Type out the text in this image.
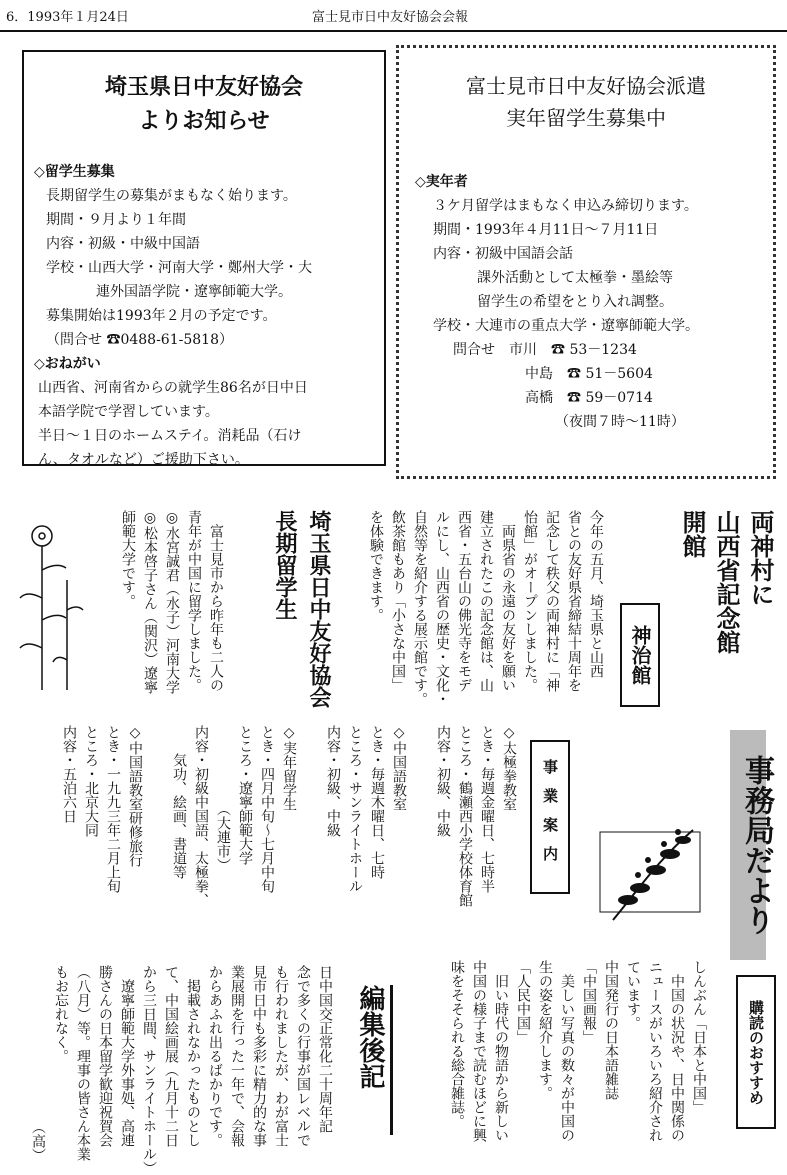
6．1993年１月24日	富士見市日中友好協会会報
埼玉県日中友好協会
よりお知らせ
◇留学生募集
長期留学生の募集がまもなく始ります。
期間・９月より１年間
内容・初級・中級中国語
学校・山西大学・河南大学・鄭州大学・大
連外国語学院・遼寧師範大学。
募集開始は1993年２月の予定です。
（問合せ ☎0488-61-5818）
◇おねがい
山西省、河南省からの就学生86名が日中日
本語学院で学習しています。
半日～１日のホームステイ。消耗品（石け
ん、タオルなど）ご援助下さい。
富士見市日中友好協会派遣
実年留学生募集中
◇実年者
３ケ月留学はまもなく申込み締切ります。
期間・1993年４月11日～７月11日
内容・初級中国語会話
課外活動として太極拳・墨絵等
留学生の希望をとり入れ調整。
学校・大連市の重点大学・遼寧師範大学。
問合せ　市川　☎ 53－1234
中島　☎ 51－5604
高橋　☎ 59－0714
（夜間７時～11時）
両神村に
山西省記念館
開館
神治館
今年の五月、埼玉県と山西
省との友好県省締結十周年を
記念して秩父の両神村に「神
怡館」がオープンしました。
　両県省の永遠の友好を願い
建立されたこの記念館は、山
西省・五台山の佛光寺をモデ
ルにし、山西省の歴史・文化・
自然等を紹介する展示館です。
飲茶館もあり「小さな中国」
を体験できます。
埼玉県日中友好協会
長期留学生
　富士見市から昨年も二人の
青年が中国に留学しました。
◎水宮誠君（水子）河南大学
◎松本啓子さん（関沢）遼寧
師範大学です。
事業案内
◇太極拳教室
とき・毎週金曜日、七時半
ところ・鶴瀬西小学校体育館
内容・初級、中級

◇中国語教室
とき・毎週木曜日、七時
ところ・サンライトホール
内容・初級、中級

◇実年留学生
とき・四月中旬～七月中旬
ところ・遼寧師範大学
　　　　　　（大連市）
内容・初級中国語、太極拳、
　　気功、絵画、書道等

◇中国語教室研修旅行
とき・一九九三年二月上旬
ところ・北京大同
内容・五泊六日	事務局だより
購読のおすすめ
しんぶん「日本と中国」
　中国の状況や、日中関係の
ニュースがいろいろ紹介され
ています。
中国発行の日本語雑誌
「中国画報」
　美しい写真の数々が中国の
生の姿を紹介します。
「人民中国」
　旧い時代の物語から新しい
中国の様子まで読むほどに興
味をそそられる総合雑誌。
編集後記
日中国交正常化二十周年記
念で多くの行事が国レベルで
も行われましたが、わが富士
見市日中も多彩に精力的な事
業展開を行った一年で、会報
からあふれ出るばかりです。
　掲載されなかったものとし
て、中国絵画展（九月十二日
から三日間、サンライトホール）
　遼寧師範大学外事処、高連
勝さんの日本留学歓迎祝賀会
（八月）等。理事の皆さん本業
もお忘れなく。
（高）
